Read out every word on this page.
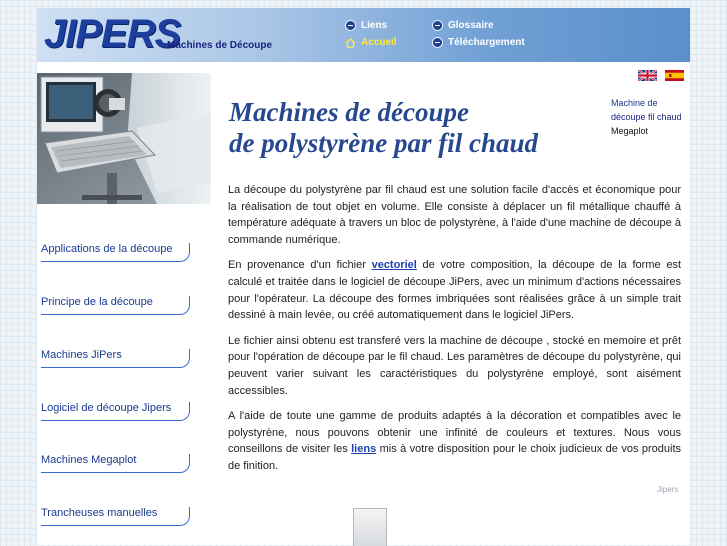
JIPERS
Machines de Découpe
Liens	Glossaire
Accueil	Téléchargement
Applications de la découpe
Principe de la découpe
Machines JiPers
Logiciel de découpe Jipers
Machines Megaplot
Trancheuses manuelles
Machines de découpe
de polystyrène par fil chaud
Machine de
découpe fil chaud
Megaplot

La découpe du polystyrène par fil chaud est une solution facile d'accès et économique pour la réalisation de tout objet en volume. Elle consiste à déplacer un fil métallique chauffé à température adéquate à travers un bloc de polystyrène, à l'aide d'une machine de découpe à commande numérique.

En provenance d'un fichier vectoriel de votre composition, la découpe de la forme est calculé et traitée dans le logiciel de découpe JiPers, avec un minimum d'actions nécessaires pour l'opérateur. La découpe des formes imbriquées sont réalisées grâce à un simple trait dessiné à main levée, ou créé automatiquement dans le logiciel JiPers.

Le fichier ainsi obtenu est transferé vers la machine de découpe , stocké en memoire et prêt pour l'opération de découpe par le fil chaud. Les paramètres de découpe du polystyrène, qui peuvent varier suivant les caractéristiques du polystyrène employé, sont aisément accessibles.

A l'aide de toute une gamme de produits adaptés à la décoration et compatibles avec le polystyrène, nous pouvons obtenir une infinité de couleurs et textures. Nous vous conseillons de visiter les liens mis à votre disposition pour le choix judicieux de vos produits de finition.

Jipers
